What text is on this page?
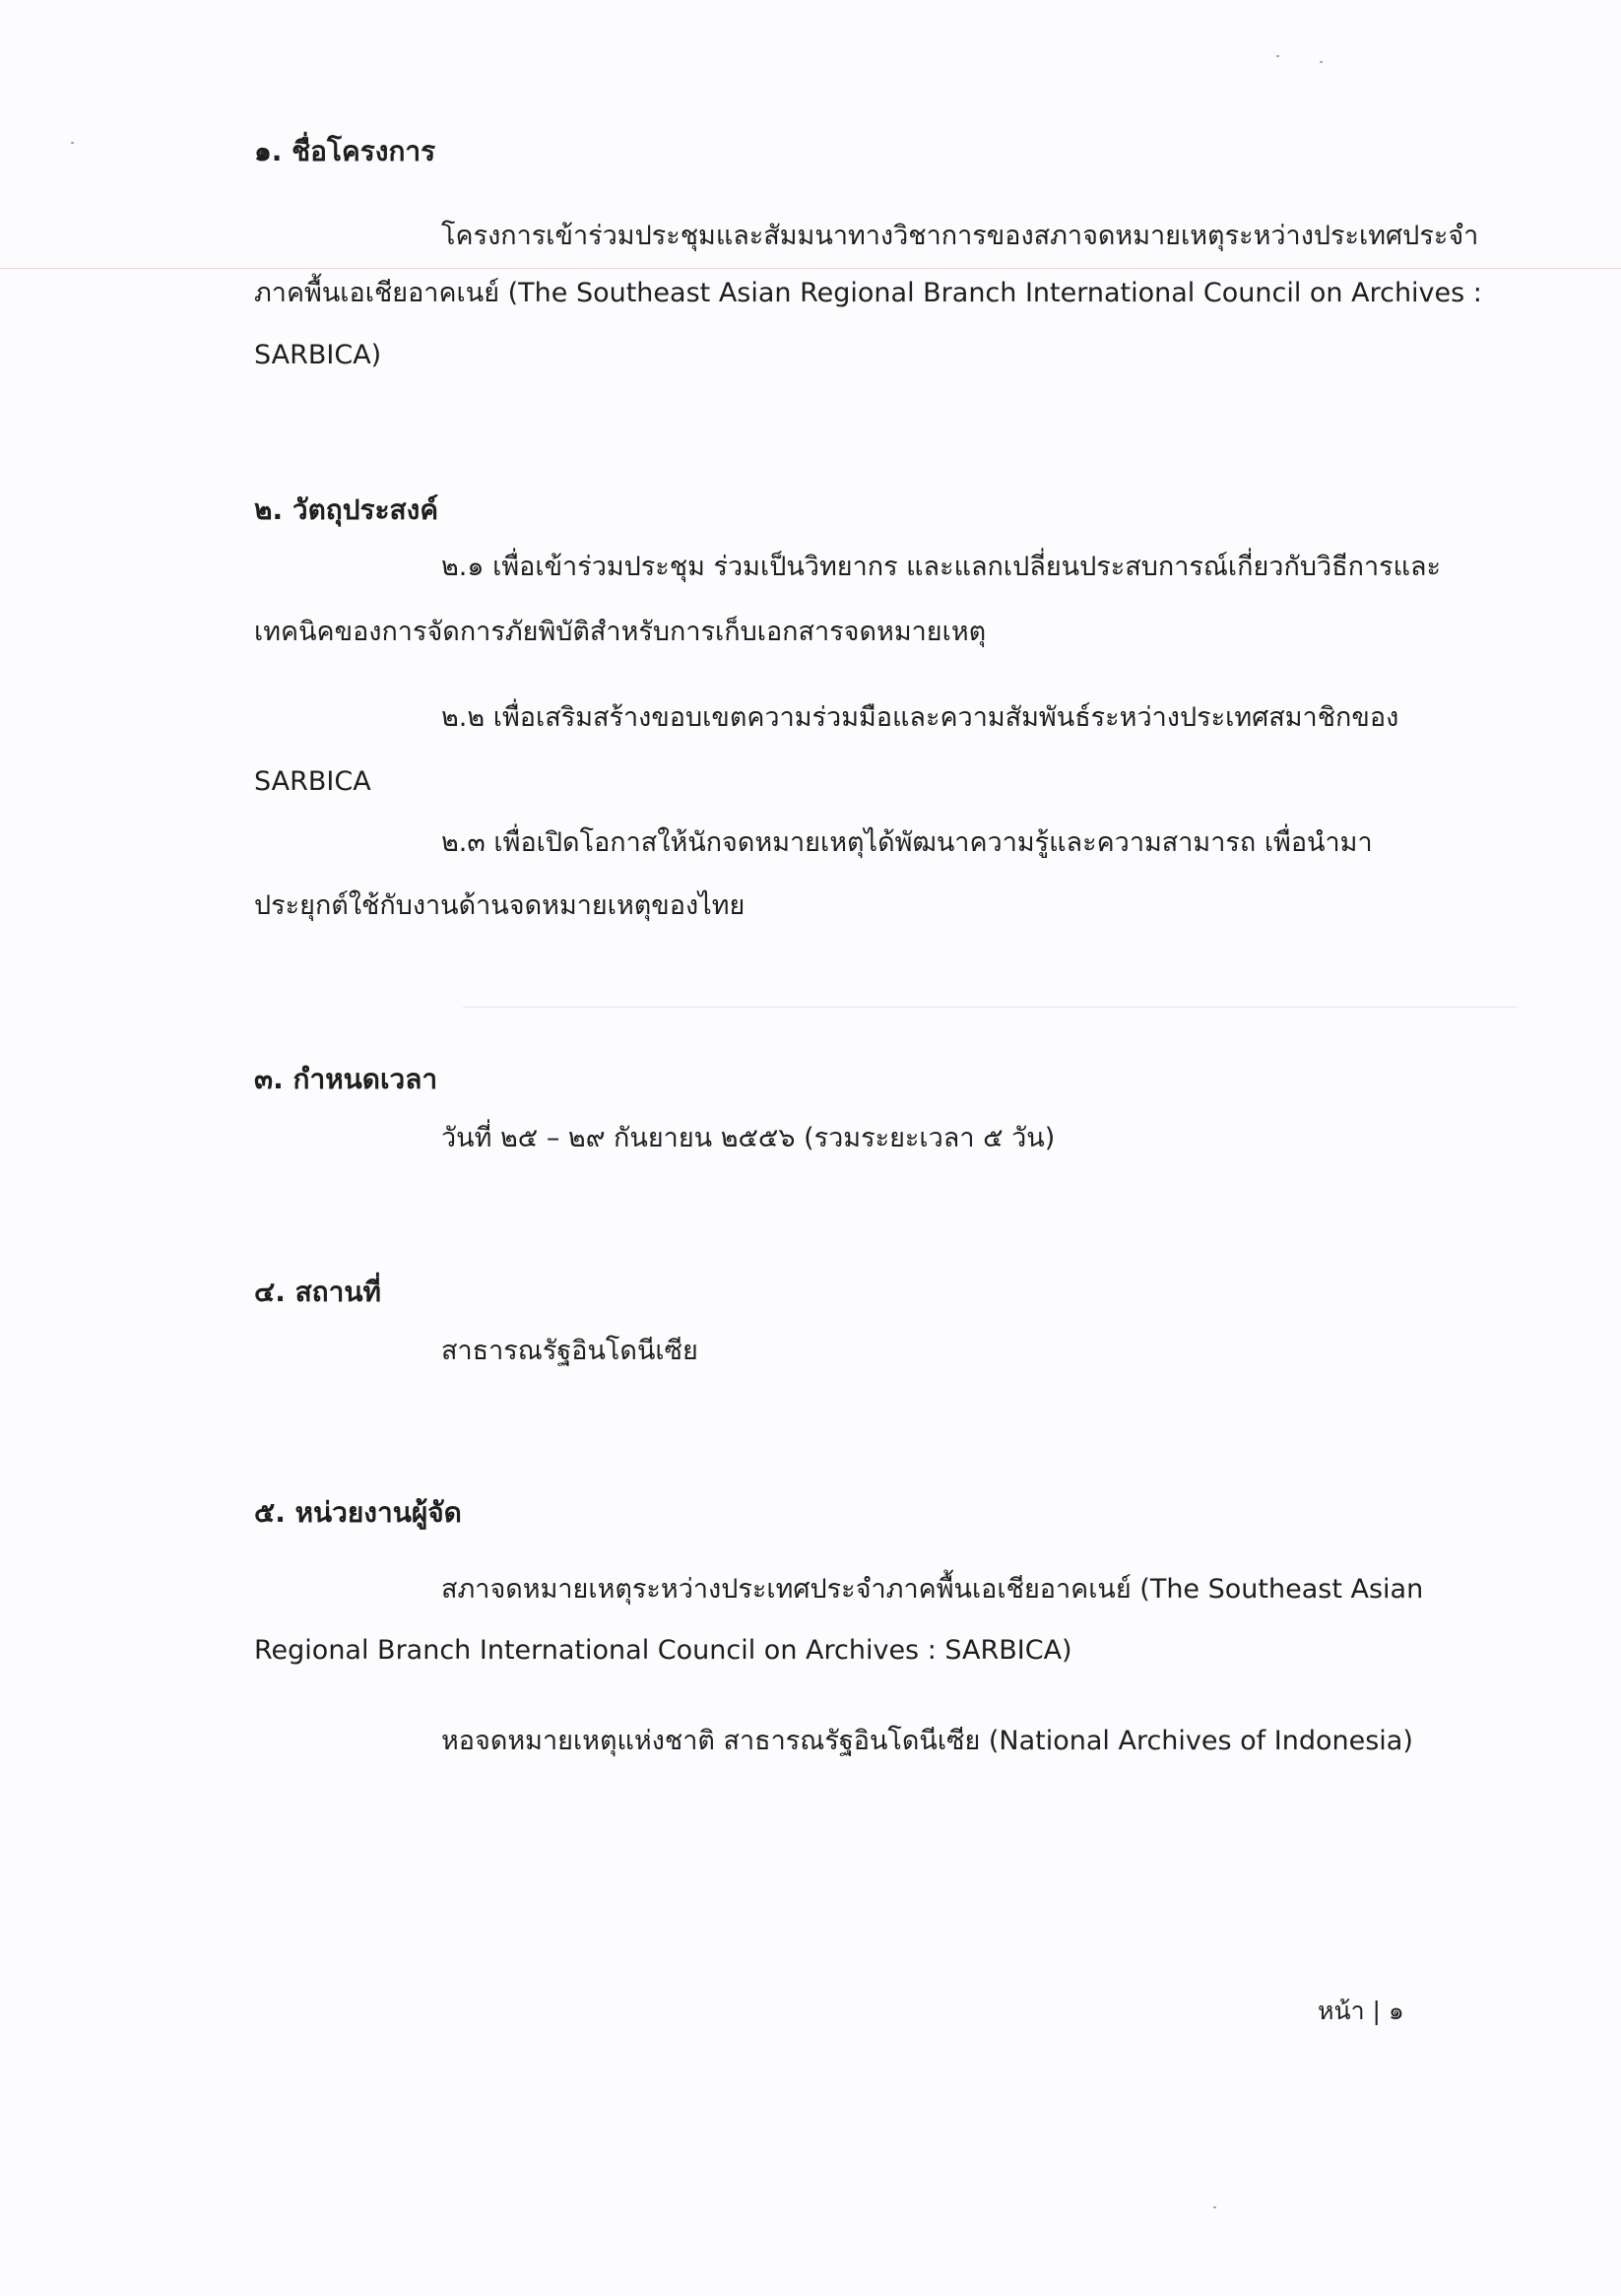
๑. ชื่อโครงการ
โครงการเข้าร่วมประชุมและสัมมนาทางวิชาการของสภาจดหมายเหตุระหว่างประเทศประจำ
ภาคพื้นเอเชียอาคเนย์ (The Southeast Asian Regional Branch International Council on Archives :
SARBICA)
๒. วัตถุประสงค์
๒.๑ เพื่อเข้าร่วมประชุม ร่วมเป็นวิทยากร และแลกเปลี่ยนประสบการณ์เกี่ยวกับวิธีการและ
เทคนิคของการจัดการภัยพิบัติสำหรับการเก็บเอกสารจดหมายเหตุ
๒.๒ เพื่อเสริมสร้างขอบเขตความร่วมมือและความสัมพันธ์ระหว่างประเทศสมาชิกของ
SARBICA
๒.๓ เพื่อเปิดโอกาสให้นักจดหมายเหตุได้พัฒนาความรู้และความสามารถ เพื่อนำมา
ประยุกต์ใช้กับงานด้านจดหมายเหตุของไทย
๓. กำหนดเวลา
วันที่ ๒๕ – ๒๙ กันยายน ๒๕๕๖ (รวมระยะเวลา ๕ วัน)
๔. สถานที่
สาธารณรัฐอินโดนีเซีย
๕. หน่วยงานผู้จัด
สภาจดหมายเหตุระหว่างประเทศประจำภาคพื้นเอเชียอาคเนย์ (The Southeast Asian
Regional Branch International Council on Archives : SARBICA)
หอจดหมายเหตุแห่งชาติ สาธารณรัฐอินโดนีเซีย (National Archives of Indonesia)
หน้า | ๑
